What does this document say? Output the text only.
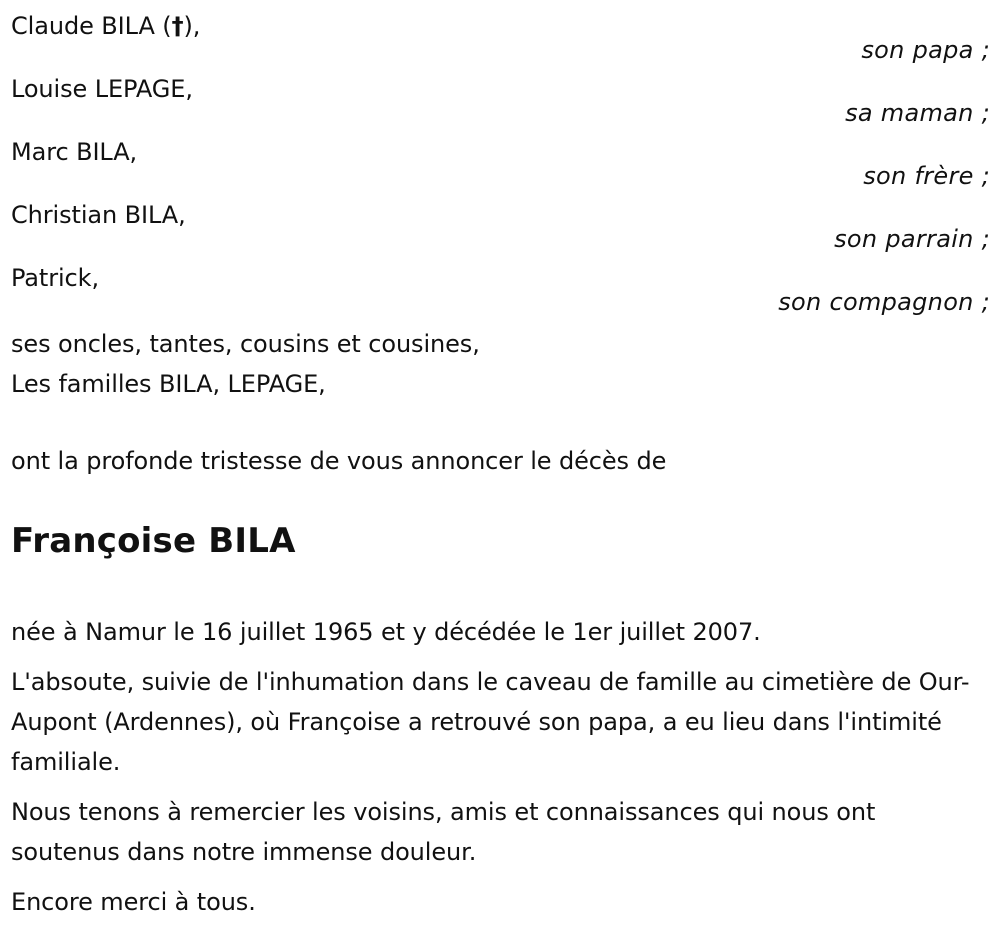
Claude BILA (†),
son papa ;
Louise LEPAGE,
sa maman ;
Marc BILA,
son frère ;
Christian BILA,
son parrain ;
Patrick,
son compagnon ;
ses oncles, tantes, cousins et cousines,
Les familles BILA, LEPAGE,
ont la profonde tristesse de vous annoncer le décès de
Françoise BILA

née à Namur le 16 juillet 1965 et y décédée le 1er juillet 2007.

L'absoute, suivie de l'inhumation dans le caveau de famille au cimetière de Our-Aupont (Ardennes), où Françoise a retrouvé son papa, a eu lieu dans l'intimité familiale.

Nous tenons à remercier les voisins, amis et connaissances qui nous ont soutenus dans notre immense douleur.

Encore merci à tous.
